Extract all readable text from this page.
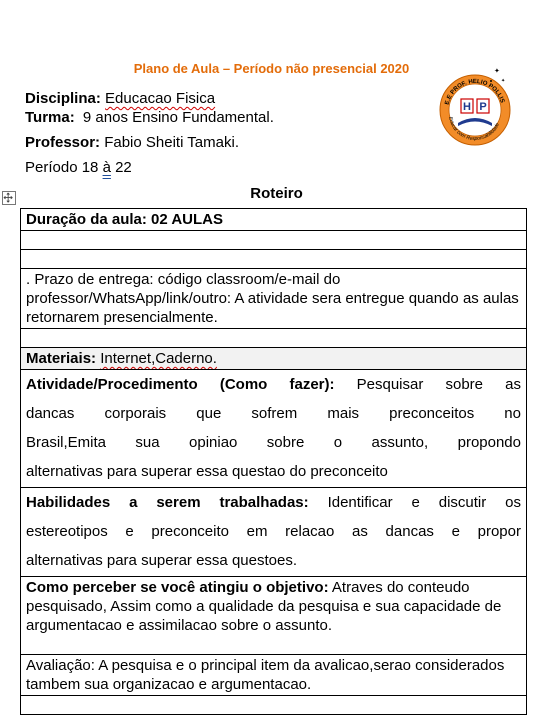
Plano de Aula – Período não presencial 2020
Disciplina: Educacao Fisica
Turma: 9 anos Ensino Fundamental.
Professor: Fabio Sheiti Tamaki.
Período 18 à 22
E.E PROF. HELIO POLLIS
Educar com Responsabilidade
H P
✦
✦
Roteiro
Duração da aula: 02 AULAS

. Prazo de entrega: código classroom/e-mail do professor/WhatsApp/link/outro: A atividade sera entregue quando as aulas retornarem presencialmente.

Materiais: Internet,Caderno.

Atividade/Procedimento (Como fazer): Pesquisar sobre as
dancas corporais que sofrem mais preconceitos no
Brasil,Emita sua opiniao sobre o assunto, propondo
alternativas para superar essa questao do preconceito

Habilidades a serem trabalhadas: Identificar e discutir os
estereotipos e preconceito em relacao as dancas e propor
alternativas para superar essa questoes.

Como perceber se você atingiu o objetivo: Atraves do conteudo pesquisado, Assim como a qualidade da pesquisa e sua capacidade de argumentacao e assimilacao sobre o assunto.
Avaliação: A pesquisa e o principal item da avalicao,serao considerados tambem sua organizacao e argumentacao.
